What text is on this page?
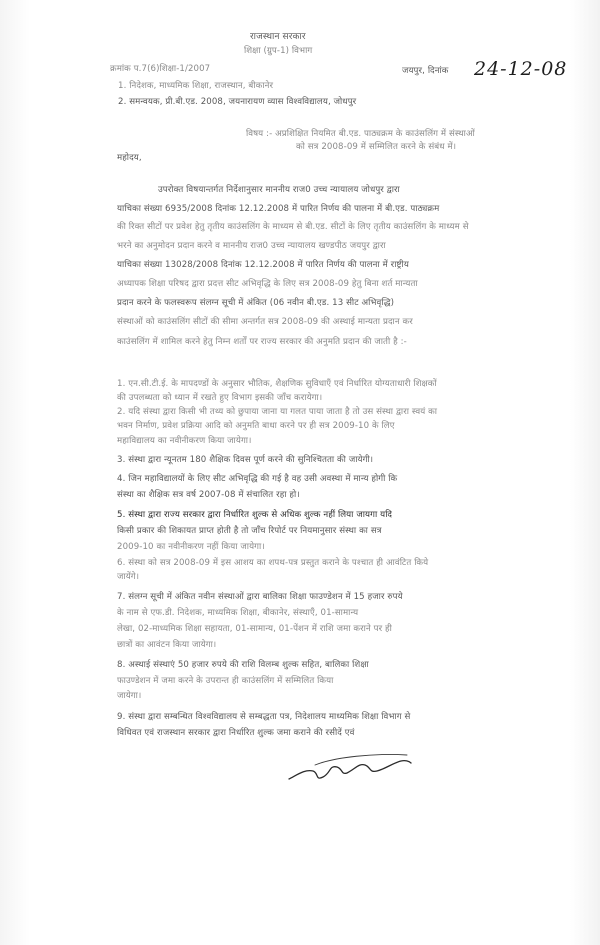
राजस्थान सरकार
शिक्षा (ग्रुप-1) विभाग
क्रमांक प.7(6)शिक्षा-1/2007	जयपुर, दिनांक 24-12-08
1. निदेशक, माध्यमिक शिक्षा, राजस्थान, बीकानेर
2. समन्वयक, प्री.बी.एड. 2008, जयनारायण व्यास विश्वविद्यालय, जोधपुर
विषय :- अप्रशिक्षित नियमित बी.एड. पाठ्यक्रम के काउंसलिंग में संस्थाओं
को सत्र 2008-09 में सम्मिलित करने के संबंध में।
महोदय,
उपरोक्त विषयान्तर्गत निर्देशानुसार माननीय राज0 उच्च न्यायालय जोधपुर द्वारा
याचिका संख्या 6935/2008 दिनांक 12.12.2008 में पारित निर्णय की पालना में बी.एड. पाठ्यक्रम
की रिक्त सीटों पर प्रवेश हेतु तृतीय काउंसलिंग के माध्यम से बी.एड. सीटों के लिए तृतीय काउंसलिंग के माध्यम से
भरने का अनुमोदन प्रदान करने व माननीय राज0 उच्च न्यायालय खण्डपीठ जयपुर द्वारा
याचिका संख्या 13028/2008 दिनांक 12.12.2008 में पारित निर्णय की पालना में राष्ट्रीय
अध्यापक शिक्षा परिषद द्वारा प्रदत्त सीट अभिवृद्धि के लिए सत्र 2008-09 हेतु बिना शर्त मान्यता
प्रदान करने के फलस्वरूप संलग्न सूची में अंकित (06 नवीन बी.एड. 13 सीट अभिवृद्धि)
संस्थाओं को काउंसलिंग सीटों की सीमा अन्तर्गत सत्र 2008-09 की अस्थाई मान्यता प्रदान कर
काउंसलिंग में शामिल करने हेतु निम्न शर्तों पर राज्य सरकार की अनुमति प्रदान की जाती है :-
1. एन.सी.टी.ई. के मापदण्डों के अनुसार भौतिक, शैक्षणिक सुविधाएँ एवं निर्धारित योग्यताधारी शिक्षकों
की उपलब्धता को ध्यान में रखते हुए विभाग इसकी जाँच करायेगा।
2. यदि संस्था द्वारा किसी भी तथ्य को छुपाया जाना या गलत पाया जाता है तो उस संस्था द्वारा स्वयं का
भवन निर्माण, प्रवेश प्रक्रिया आदि को अनुमति बाधा करने पर ही सत्र 2009-10 के लिए
महाविद्यालय का नवीनीकरण किया जायेगा।
3. संस्था द्वारा न्यूनतम 180 शैक्षिक दिवस पूर्ण करने की सुनिश्चितता की जायेगी।
4. जिन महाविद्यालयों के लिए सीट अभिवृद्धि की गई है वह उसी अवस्था में मान्य होगी कि
संस्था का शैक्षिक सत्र वर्ष 2007-08 में संचालित रहा हो।
5. संस्था द्वारा राज्य सरकार द्वारा निर्धारित शुल्क से अधिक शुल्क नहीं लिया जायगा यदि
किसी प्रकार की शिकायत प्राप्त होती है तो जाँच रिपोर्ट पर नियमानुसार संस्था का सत्र
2009-10 का नवीनीकरण नहीं किया जायेगा।
6. संस्था को सत्र 2008-09 में इस आशय का शपथ-पत्र प्रस्तुत कराने के पश्चात ही आवंटित किये
जायेंगे।
7. संलग्न सूची में अंकित नवीन संस्थाओं द्वारा बालिका शिक्षा फाउण्डेशन में 15 हजार रुपये
के नाम से एफ.डी. निदेशक, माध्यमिक शिक्षा, बीकानेर, संस्थाएँ, 01-सामान्य
लेखा, 02-माध्यमिक शिक्षा सहायता, 01-सामान्य, 01-पेंशन में राशि जमा कराने पर ही
छात्रों का आवंटन किया जायेगा।
8. अस्थाई संस्थाएं 50 हजार रुपये की राशि विलम्ब शुल्क सहित, बालिका शिक्षा
फाउण्डेशन में जमा करने के उपरान्त ही काउंसलिंग में सम्मिलित किया
जायेगा।
9. संस्था द्वारा सम्बन्धित विश्वविद्यालय से सम्बद्धता पत्र, निदेशालय माध्यमिक शिक्षा विभाग से
विधिवत एवं राजस्थान सरकार द्वारा निर्धारित शुल्क जमा कराने की रसीदें एवं
